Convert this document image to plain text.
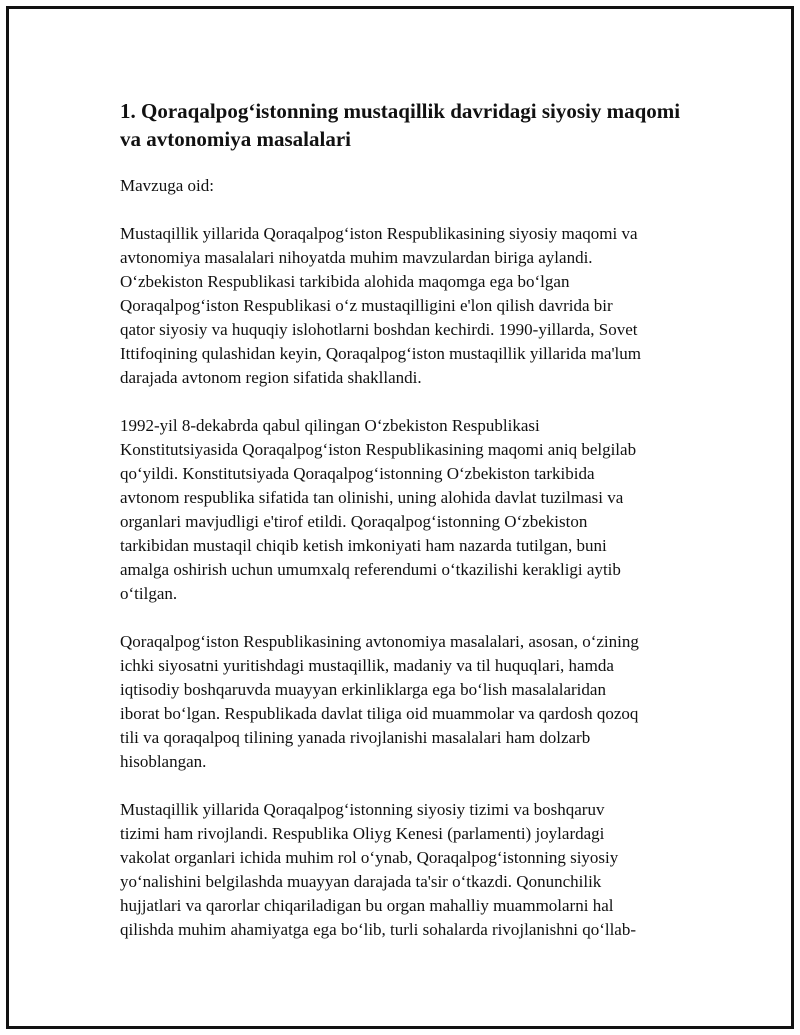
1. Qoraqalpog‘istonning mustaqillik davridagi siyosiy maqomi
va avtonomiya masalalari

Mavzuga oid:

Mustaqillik yillarida Qoraqalpog‘iston Respublikasining siyosiy maqomi va
avtonomiya masalalari nihoyatda muhim mavzulardan biriga aylandi.
O‘zbekiston Respublikasi tarkibida alohida maqomga ega bo‘lgan
Qoraqalpog‘iston Respublikasi o‘z mustaqilligini e'lon qilish davrida bir
qator siyosiy va huquqiy islohotlarni boshdan kechirdi. 1990-yillarda, Sovet
Ittifoqining qulashidan keyin, Qoraqalpog‘iston mustaqillik yillarida ma'lum
darajada avtonom region sifatida shakllandi.

1992-yil 8-dekabrda qabul qilingan O‘zbekiston Respublikasi
Konstitutsiyasida Qoraqalpog‘iston Respublikasining maqomi aniq belgilab
qo‘yildi. Konstitutsiyada Qoraqalpog‘istonning O‘zbekiston tarkibida
avtonom respublika sifatida tan olinishi, uning alohida davlat tuzilmasi va
organlari mavjudligi e'tirof etildi. Qoraqalpog‘istonning O‘zbekiston
tarkibidan mustaqil chiqib ketish imkoniyati ham nazarda tutilgan, buni
amalga oshirish uchun umumxalq referendumi o‘tkazilishi kerakligi aytib
o‘tilgan.

Qoraqalpog‘iston Respublikasining avtonomiya masalalari, asosan, o‘zining
ichki siyosatni yuritishdagi mustaqillik, madaniy va til huquqlari, hamda
iqtisodiy boshqaruvda muayyan erkinliklarga ega bo‘lish masalalaridan
iborat bo‘lgan. Respublikada davlat tiliga oid muammolar va qardosh qozoq
tili va qoraqalpoq tilining yanada rivojlanishi masalalari ham dolzarb
hisoblangan.

Mustaqillik yillarida Qoraqalpog‘istonning siyosiy tizimi va boshqaruv
tizimi ham rivojlandi. Respublika Oliyg Kenesi (parlamenti) joylardagi
vakolat organlari ichida muhim rol o‘ynab, Qoraqalpog‘istonning siyosiy
yo‘nalishini belgilashda muayyan darajada ta'sir o‘tkazdi. Qonunchilik
hujjatlari va qarorlar chiqariladigan bu organ mahalliy muammolarni hal
qilishda muhim ahamiyatga ega bo‘lib, turli sohalarda rivojlanishni qo‘llab-
